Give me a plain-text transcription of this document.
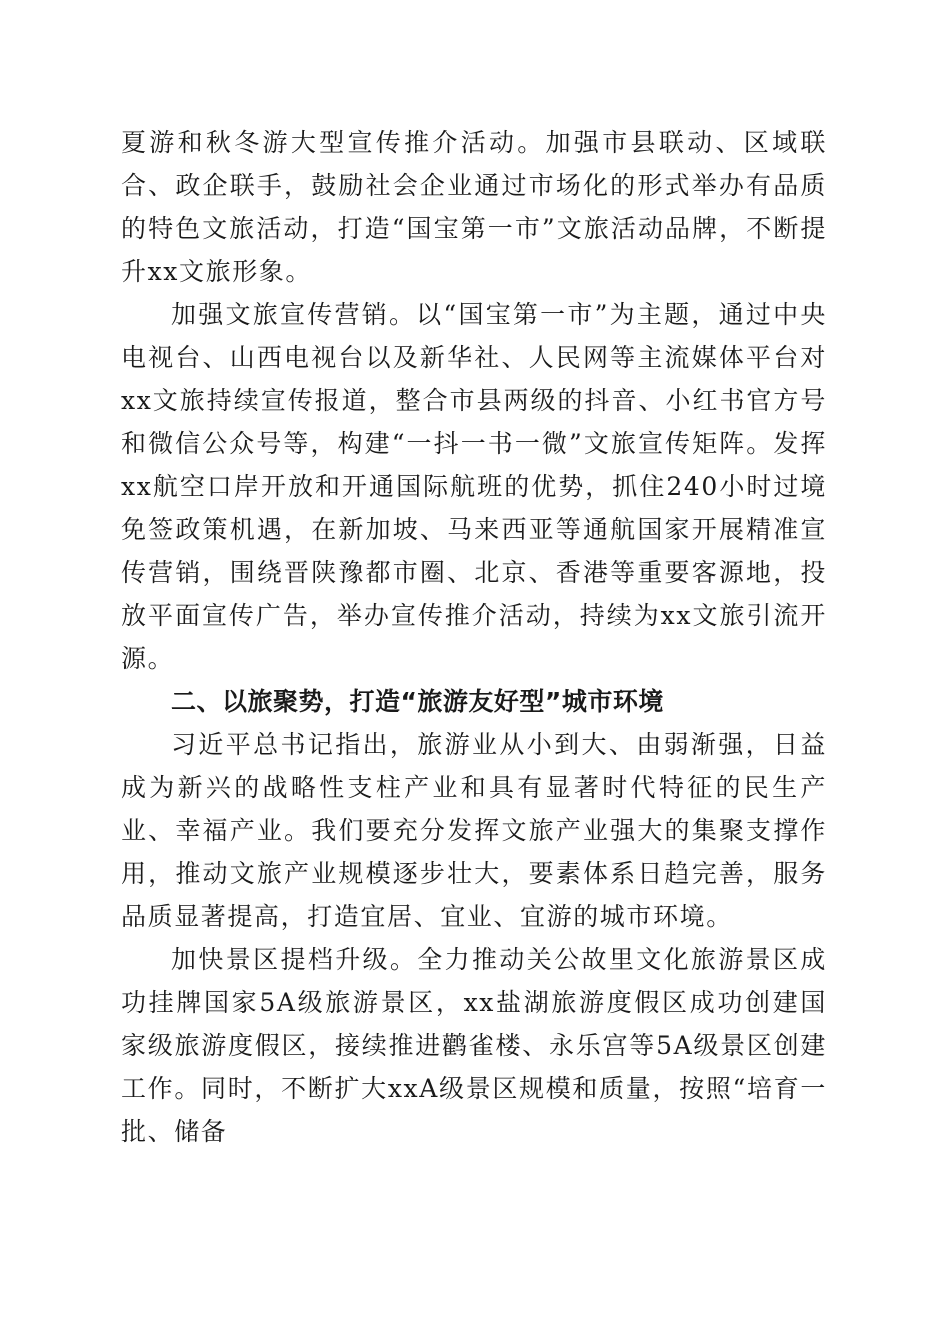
夏游和秋冬游大型宣传推介活动。加强市县联动、区域联合、政企联手，鼓励社会企业通过市场化的形式举办有品质的特色文旅活动，打造“国宝第一市”文旅活动品牌，不断提升xx文旅形象。

加强文旅宣传营销。以“国宝第一市”为主题，通过中央电视台、山西电视台以及新华社、人民网等主流媒体平台对xx文旅持续宣传报道，整合市县两级的抖音、小红书官方号和微信公众号等，构建“一抖一书一微”文旅宣传矩阵。发挥xx航空口岸开放和开通国际航班的优势，抓住240小时过境免签政策机遇，在新加坡、马来西亚等通航国家开展精准宣传营销，围绕晋陕豫都市圈、北京、香港等重要客源地，投放平面宣传广告，举办宣传推介活动，持续为xx文旅引流开源。

二、以旅聚势，打造“旅游友好型”城市环境

习近平总书记指出，旅游业从小到大、由弱渐强，日益成为新兴的战略性支柱产业和具有显著时代特征的民生产业、幸福产业。我们要充分发挥文旅产业强大的集聚支撑作用，推动文旅产业规模逐步壮大，要素体系日趋完善，服务品质显著提高，打造宜居、宜业、宜游的城市环境。

加快景区提档升级。全力推动关公故里文化旅游景区成功挂牌国家5A级旅游景区，xx盐湖旅游度假区成功创建国家级旅游度假区，接续推进鹳雀楼、永乐宫等5A级景区创建工作。同时，不断扩大xxA级景区规模和质量，按照“培育一批、储备
